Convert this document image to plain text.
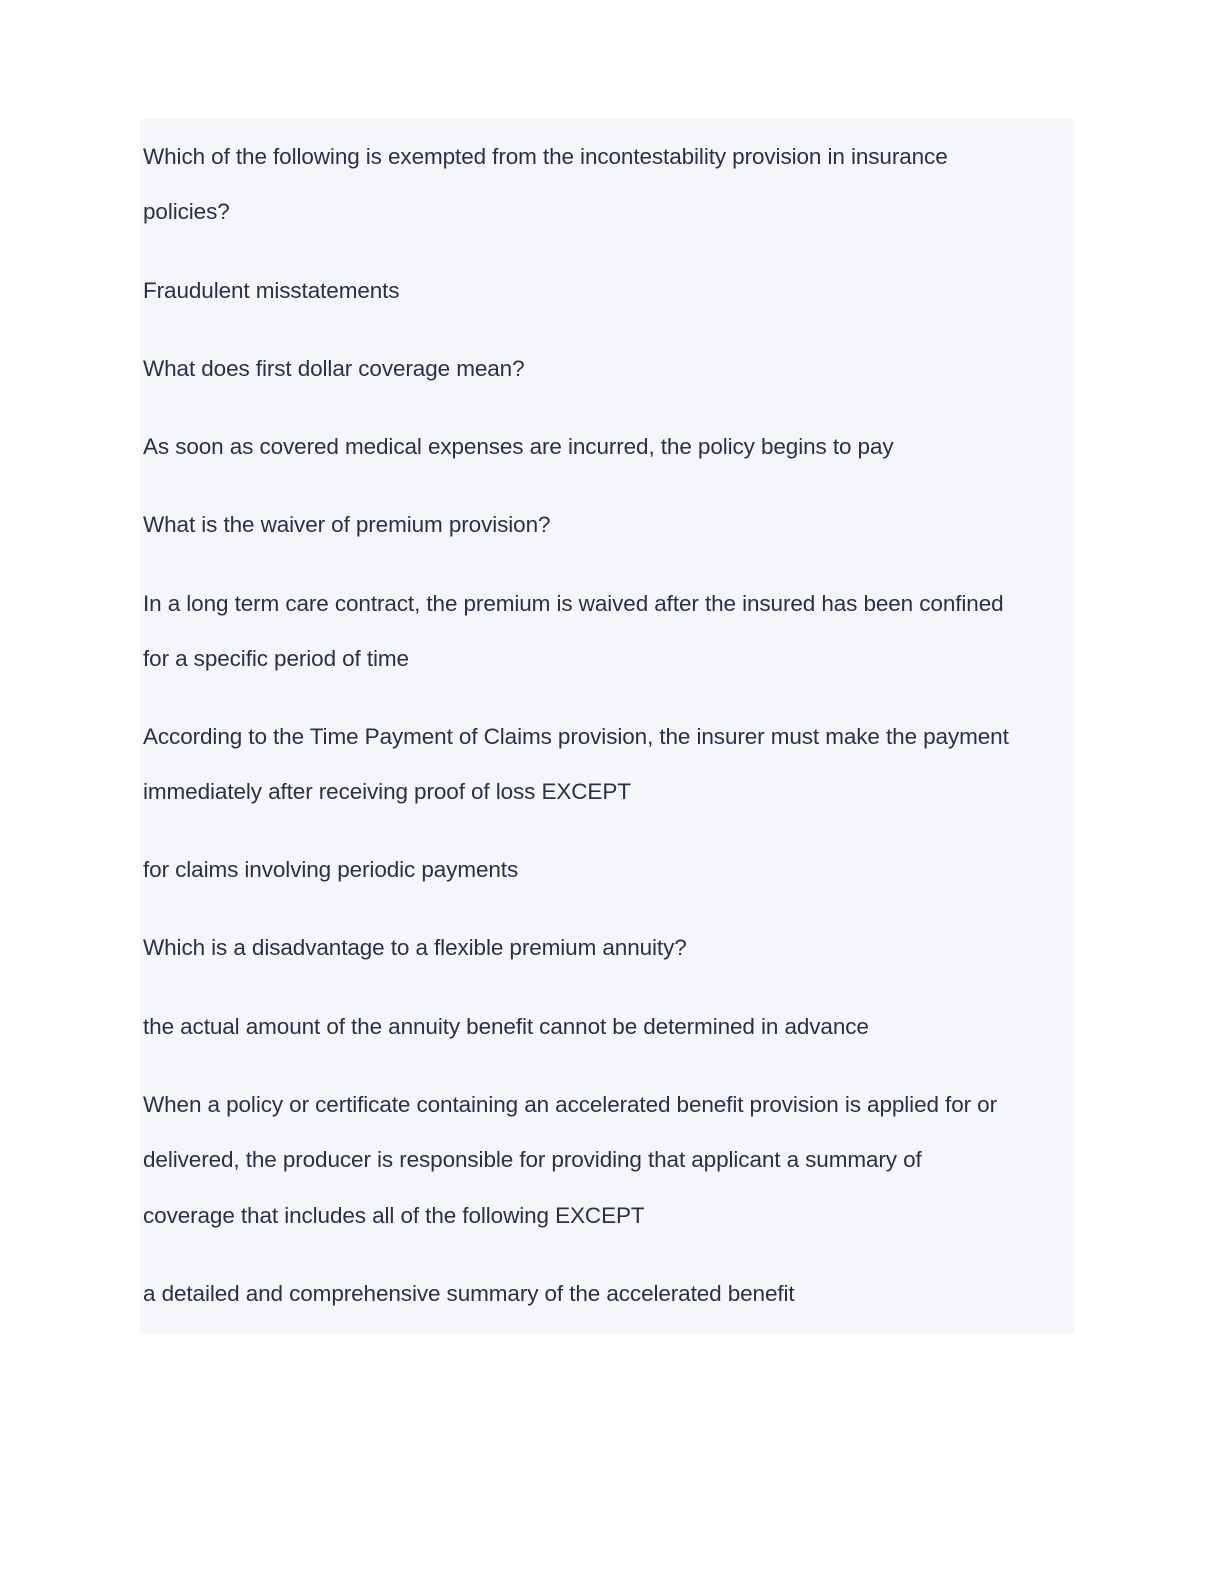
Which of the following is exempted from the incontestability provision in insurance

policies?

Fraudulent misstatements

What does first dollar coverage mean?

As soon as covered medical expenses are incurred, the policy begins to pay

What is the waiver of premium provision?

In a long term care contract, the premium is waived after the insured has been confined

for a specific period of time

According to the Time Payment of Claims provision, the insurer must make the payment

immediately after receiving proof of loss EXCEPT

for claims involving periodic payments

Which is a disadvantage to a flexible premium annuity?

the actual amount of the annuity benefit cannot be determined in advance

When a policy or certificate containing an accelerated benefit provision is applied for or

delivered, the producer is responsible for providing that applicant a summary of

coverage that includes all of the following EXCEPT

a detailed and comprehensive summary of the accelerated benefit
